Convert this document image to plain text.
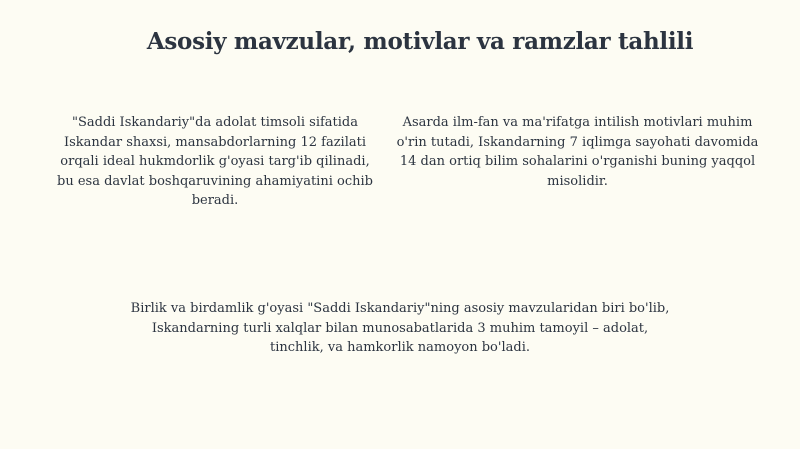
Asosiy mavzular, motivlar va ramzlar tahlili

"Saddi Iskandariy"da adolat timsoli sifatida Iskandar shaxsi, mansabdorlarning 12 fazilati orqali ideal hukmdorlik g'oyasi targ'ib qilinadi, bu esa davlat boshqaruvining ahamiyatini ochib beradi.

Asarda ilm-fan va ma'rifatga intilish motivlari muhim o'rin tutadi, Iskandarning 7 iqlimga sayohati davomida 14 dan ortiq bilim sohalarini o'rganishi buning yaqqol misolidir.

Birlik va birdamlik g'oyasi "Saddi Iskandariy"ning asosiy mavzularidan biri bo'lib, Iskandarning turli xalqlar bilan munosabatlarida 3 muhim tamoyil – adolat, tinchlik, va hamkorlik namoyon bo'ladi.
